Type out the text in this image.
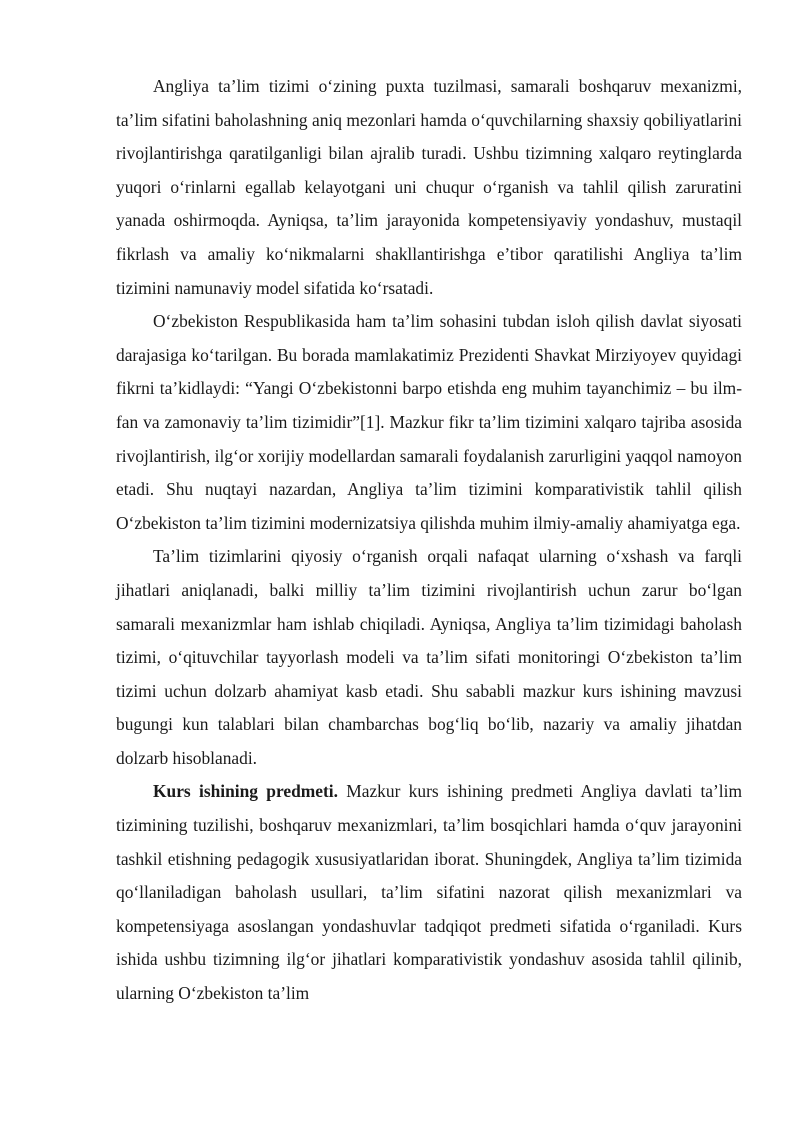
Angliya ta’lim tizimi o‘zining puxta tuzilmasi, samarali boshqaruv mexanizmi, ta’lim sifatini baholashning aniq mezonlari hamda o‘quvchilarning shaxsiy qobiliyatlarini rivojlantirishga qaratilganligi bilan ajralib turadi. Ushbu tizimning xalqaro reytinglarda yuqori o‘rinlarni egallab kelayotgani uni chuqur o‘rganish va tahlil qilish zaruratini yanada oshirmoqda. Ayniqsa, ta’lim jarayonida kompetensiyaviy yondashuv, mustaqil fikrlash va amaliy ko‘nikmalarni shakllantirishga e’tibor qaratilishi Angliya ta’lim tizimini namunaviy model sifatida ko‘rsatadi.

O‘zbekiston Respublikasida ham ta’lim sohasini tubdan isloh qilish davlat siyosati darajasiga ko‘tarilgan. Bu borada mamlakatimiz Prezidenti Shavkat Mirziyoyev quyidagi fikrni ta’kidlaydi: “Yangi O‘zbekistonni barpo etishda eng muhim tayanchimiz – bu ilm-fan va zamonaviy ta’lim tizimidir”[1]. Mazkur fikr ta’lim tizimini xalqaro tajriba asosida rivojlantirish, ilg‘or xorijiy modellardan samarali foydalanish zarurligini yaqqol namoyon etadi. Shu nuqtayi nazardan, Angliya ta’lim tizimini komparativistik tahlil qilish O‘zbekiston ta’lim tizimini modernizatsiya qilishda muhim ilmiy-amaliy ahamiyatga ega.

Ta’lim tizimlarini qiyosiy o‘rganish orqali nafaqat ularning o‘xshash va farqli jihatlari aniqlanadi, balki milliy ta’lim tizimini rivojlantirish uchun zarur bo‘lgan samarali mexanizmlar ham ishlab chiqiladi. Ayniqsa, Angliya ta’lim tizimidagi baholash tizimi, o‘qituvchilar tayyorlash modeli va ta’lim sifati monitoringi O‘zbekiston ta’lim tizimi uchun dolzarb ahamiyat kasb etadi. Shu sababli mazkur kurs ishining mavzusi bugungi kun talablari bilan chambarchas bog‘liq bo‘lib, nazariy va amaliy jihatdan dolzarb hisoblanadi.

Kurs ishining predmeti. Mazkur kurs ishining predmeti Angliya davlati ta’lim tizimining tuzilishi, boshqaruv mexanizmlari, ta’lim bosqichlari hamda o‘quv jarayonini tashkil etishning pedagogik xususiyatlaridan iborat. Shuningdek, Angliya ta’lim tizimida qo‘llaniladigan baholash usullari, ta’lim sifatini nazorat qilish mexanizmlari va kompetensiyaga asoslangan yondashuvlar tadqiqot predmeti sifatida o‘rganiladi. Kurs ishida ushbu tizimning ilg‘or jihatlari komparativistik yondashuv asosida tahlil qilinib, ularning O‘zbekiston ta’lim
